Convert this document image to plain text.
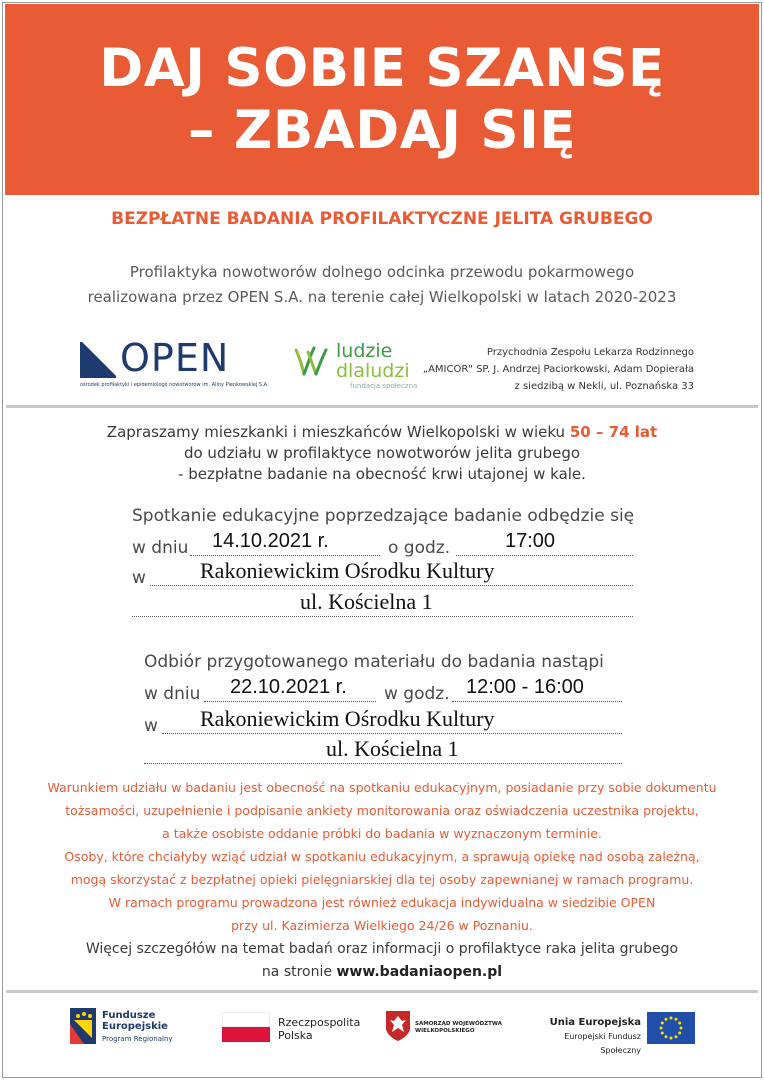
DAJ SOBIE SZANSĘ
– ZBADAJ SIĘ
BEZPŁATNE BADANIA PROFILAKTYCZNE JELITA GRUBEGO
Profilaktyka nowotworów dolnego odcinka przewodu pokarmowego
realizowana przez OPEN S.A. na terenie całej Wielkopolski w latach 2020-2023
OPEN
ośrodek profilaktyki i epidemiologii nowotworów im. Aliny Pienkowskiej S.A.
ludzie
dlaludzi
fundacja społeczna
Przychodnia Zespołu Lekarza Rodzinnego
„AMICOR" SP. J. Andrzej Paciorkowski, Adam Dopierała
z siedzibą w Nekli, ul. Poznańska 33
Zapraszamy mieszkanki i mieszkańców Wielkopolski w wieku 50 – 74 lat
do udziału w profilaktyce nowotworów jelita grubego
- bezpłatne badanie na obecność krwi utajonej w kale.
Spotkanie edukacyjne poprzedzające badanie odbędzie się
w dniu 14.10.2021 r.	o godz.	17:00
w Rakoniewickim Ośrodku Kultury
ul. Kościelna 1
Odbiór przygotowanego materiału do badania nastąpi
w dniu 22.10.2021 r. w godz. 12:00 - 16:00
w Rakoniewickim Ośrodku Kultury
ul. Kościelna 1
Warunkiem udziału w badaniu jest obecność na spotkaniu edukacyjnym, posiadanie przy sobie dokumentu
tożsamości, uzupełnienie i podpisanie ankiety monitorowania oraz oświadczenia uczestnika projektu,
a także osobiste oddanie próbki do badania w wyznaczonym terminie.
Osoby, które chciałyby wziąć udział w spotkaniu edukacyjnym, a sprawują opiekę nad osobą zależną,
mogą skorzystać z bezpłatnej opieki pielęgniarskiej dla tej osoby zapewnianej w ramach programu.
W ramach programu prowadzona jest również edukacja indywidualna w siedzibie OPEN
przy ul. Kazimierza Wielkiego 24/26 w Poznaniu.
Więcej szczegółów na temat badań oraz informacji o profilaktyce raka jelita grubego
na stronie www.badaniaopen.pl
Fundusze
Europejskie
Program Regionalny
Rzeczpospolita
Polska
SAMORZĄD WOJEWÓDZTWA
WIELKOPOLSKIEGO
Unia Europejska
Europejski Fundusz Społeczny
